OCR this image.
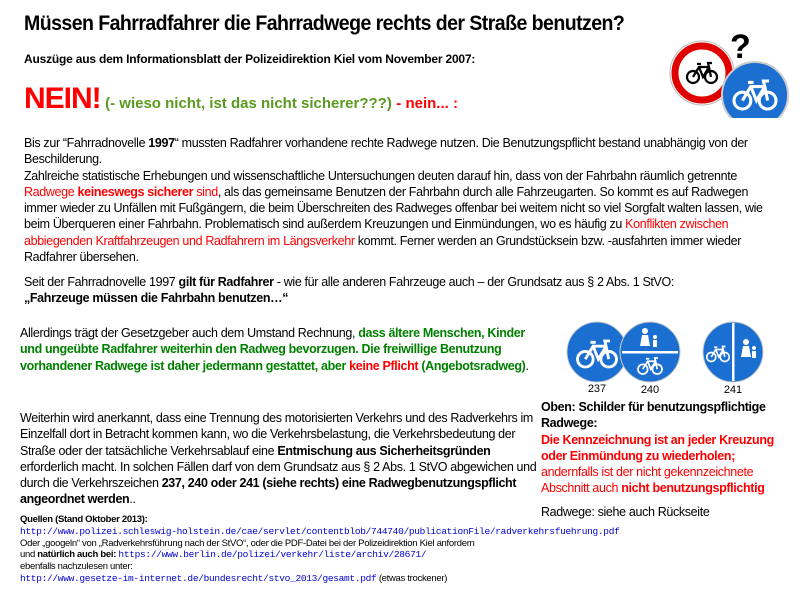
Müssen Fahrradfahrer die Fahrradwege rechts der Straße benutzen?
Auszüge aus dem Informationsblatt der Polizeidirektion Kiel vom November 2007:
NEIN! (- wieso nicht, ist das nicht sicherer???) - nein... :
?
Bis zur “Fahrradnovelle 1997“ mussten Radfahrer vorhandene rechte Radwege nutzen. Die Benutzungspflicht bestand unabhängig von der Beschilderung.
Zahlreiche statistische Erhebungen und wissenschaftliche Untersuchungen deuten darauf hin, dass von der Fahrbahn räumlich getrennte Radwege keineswegs sicherer sind, als das gemeinsame Benutzen der Fahrbahn durch alle Fahrzeugarten. So kommt es auf Radwegen immer wieder zu Unfällen mit Fußgängern, die beim Überschreiten des Radweges offenbar bei weitem nicht so viel Sorgfalt walten lassen, wie beim Überqueren einer Fahrbahn. Problematisch sind außerdem Kreuzungen und Einmündungen, wo es häufig zu Konflikten zwischen abbiegenden Kraftfahrzeugen und Radfahrern im Längsverkehr kommt. Ferner werden an Grundstücksein bzw. -ausfahrten immer wieder Radfahrer übersehen.
Seit der Fahrradnovelle 1997 gilt für Radfahrer - wie für alle anderen Fahrzeuge auch – der Grundsatz aus § 2 Abs. 1 StVO:
„Fahrzeuge müssen die Fahrbahn benutzen…“
Allerdings trägt der Gesetzgeber auch dem Umstand Rechnung, dass ältere Menschen, Kinder und ungeübte Radfahrer weiterhin den Radweg bevorzugen. Die freiwillige Benutzung vorhandener Radwege ist daher jedermann gestattet, aber keine Pflicht (Angebotsradweg).
Weiterhin wird anerkannt, dass eine Trennung des motorisierten Verkehrs und des Radverkehrs im Einzelfall dort in Betracht kommen kann, wo die Verkehrsbelastung, die Verkehrsbedeutung der Straße oder der tatsächliche Verkehrsablauf eine Entmischung aus Sicherheitsgründen erforderlich macht. In solchen Fällen darf von dem Grundsatz aus § 2 Abs. 1 StVO abgewichen und durch die Verkehrszeichen 237, 240 oder 241 (siehe rechts) eine Radwegbenutzungspflicht angeordnet werden..
237	240	241
Oben: Schilder für benutzungspflichtige Radwege:
Die Kennzeichnung ist an jeder Kreuzung oder Einmündung zu wiederholen;
andernfalls ist der nicht gekennzeichnete Abschnitt auch nicht benutzungspflichtig
Radwege: siehe auch Rückseite
Quellen (Stand Oktober 2013):
http://www.polizei.schleswig-holstein.de/cae/servlet/contentblob/744740/publicationFile/radverkehrsfuehrung.pdf
Oder „googeln“ von „Radverkehrsführung nach der StVO“, oder die PDF-Datei bei der Polizeidirektion Kiel anfordern
und natürlich auch bei: https://www.berlin.de/polizei/verkehr/liste/archiv/28671/
ebenfalls nachzulesen unter:
http://www.gesetze-im-internet.de/bundesrecht/stvo_2013/gesamt.pdf (etwas trockener)
